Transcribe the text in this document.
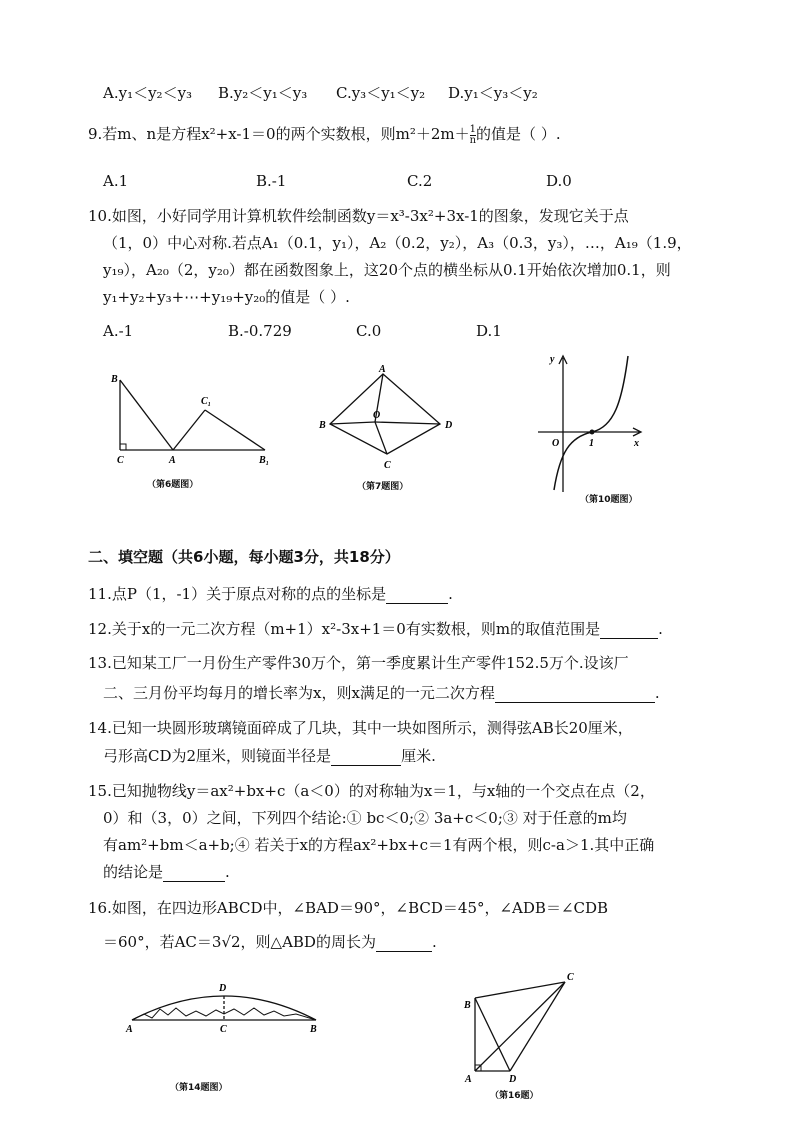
A.y₁＜y₂＜y₃ B.y₂＜y₁＜y₃ C.y₃＜y₁＜y₂ D.y₁＜y₃＜y₂
9.若m、n是方程x²+x-1＝0的两个实数根，则$m^2+2m+ \frac{1}{n}$ 的值是（ ）.
A.1	B.-1	C.2	D.0
10.如图，小好同学用计算机软件绘制函数y＝x³-3x²+3x-1的图象，发现它关于点
（1，0）中心对称.若点A₁（0.1，y₁），A₂（0.2，y₂），A₃（0.3，y₃），…，A₁₉（1.9，
y₁₉），A₂₀（2，y₂₀）都在函数图象上，这20个点的横坐标从0.1开始依次增加0.1，则
y₁+y₂+y₃+⋯+y₁₉+y₂₀的值是（ ）.
A.-1	B.-0.729	C.0	D.1
B
C₁
C	A	B₁
（第6题图）
A
O
B	D
C
（第7题图）
y
O	1	x
（第10题图）
二、填空题（共6小题，每小题3分，共18分）
11.点P（1，-1）关于原点对称的点的坐标是	.
12.关于x的一元二次方程（m+1）x²-3x+1＝0有实数根，则m的取值范围是	.
13.已知某工厂一月份生产零件30万个，第一季度累计生产零件152.5万个.设该厂
二、三月份平均每月的增长率为x，则x满足的一元二次方程	.
14.已知一块圆形玻璃镜面碎成了几块，其中一块如图所示，测得弦AB长20厘米，
弓形高CD为2厘米，则镜面半径是	厘米.
15.已知抛物线y＝ax²+bx+c（a＜0）的对称轴为x＝1，与x轴的一个交点在点（2，
0）和（3，0）之间，下列四个结论:① bc＜0;② 3a+c＜0;③ 对于任意的m均
有am²+bm＜a+b;④ 若关于x的方程ax²+bx+c＝1有两个根，则c-a＞1.其中正确
的结论是	.
16.如图，在四边形ABCD中，∠BAD＝90°，∠BCD＝45°，∠ADB＝∠CDB
＝60°，若AC＝3√2，则△ABD的周长为	.
D
A	C	B
（第14题图）
C
B
A	D
（第16题）
